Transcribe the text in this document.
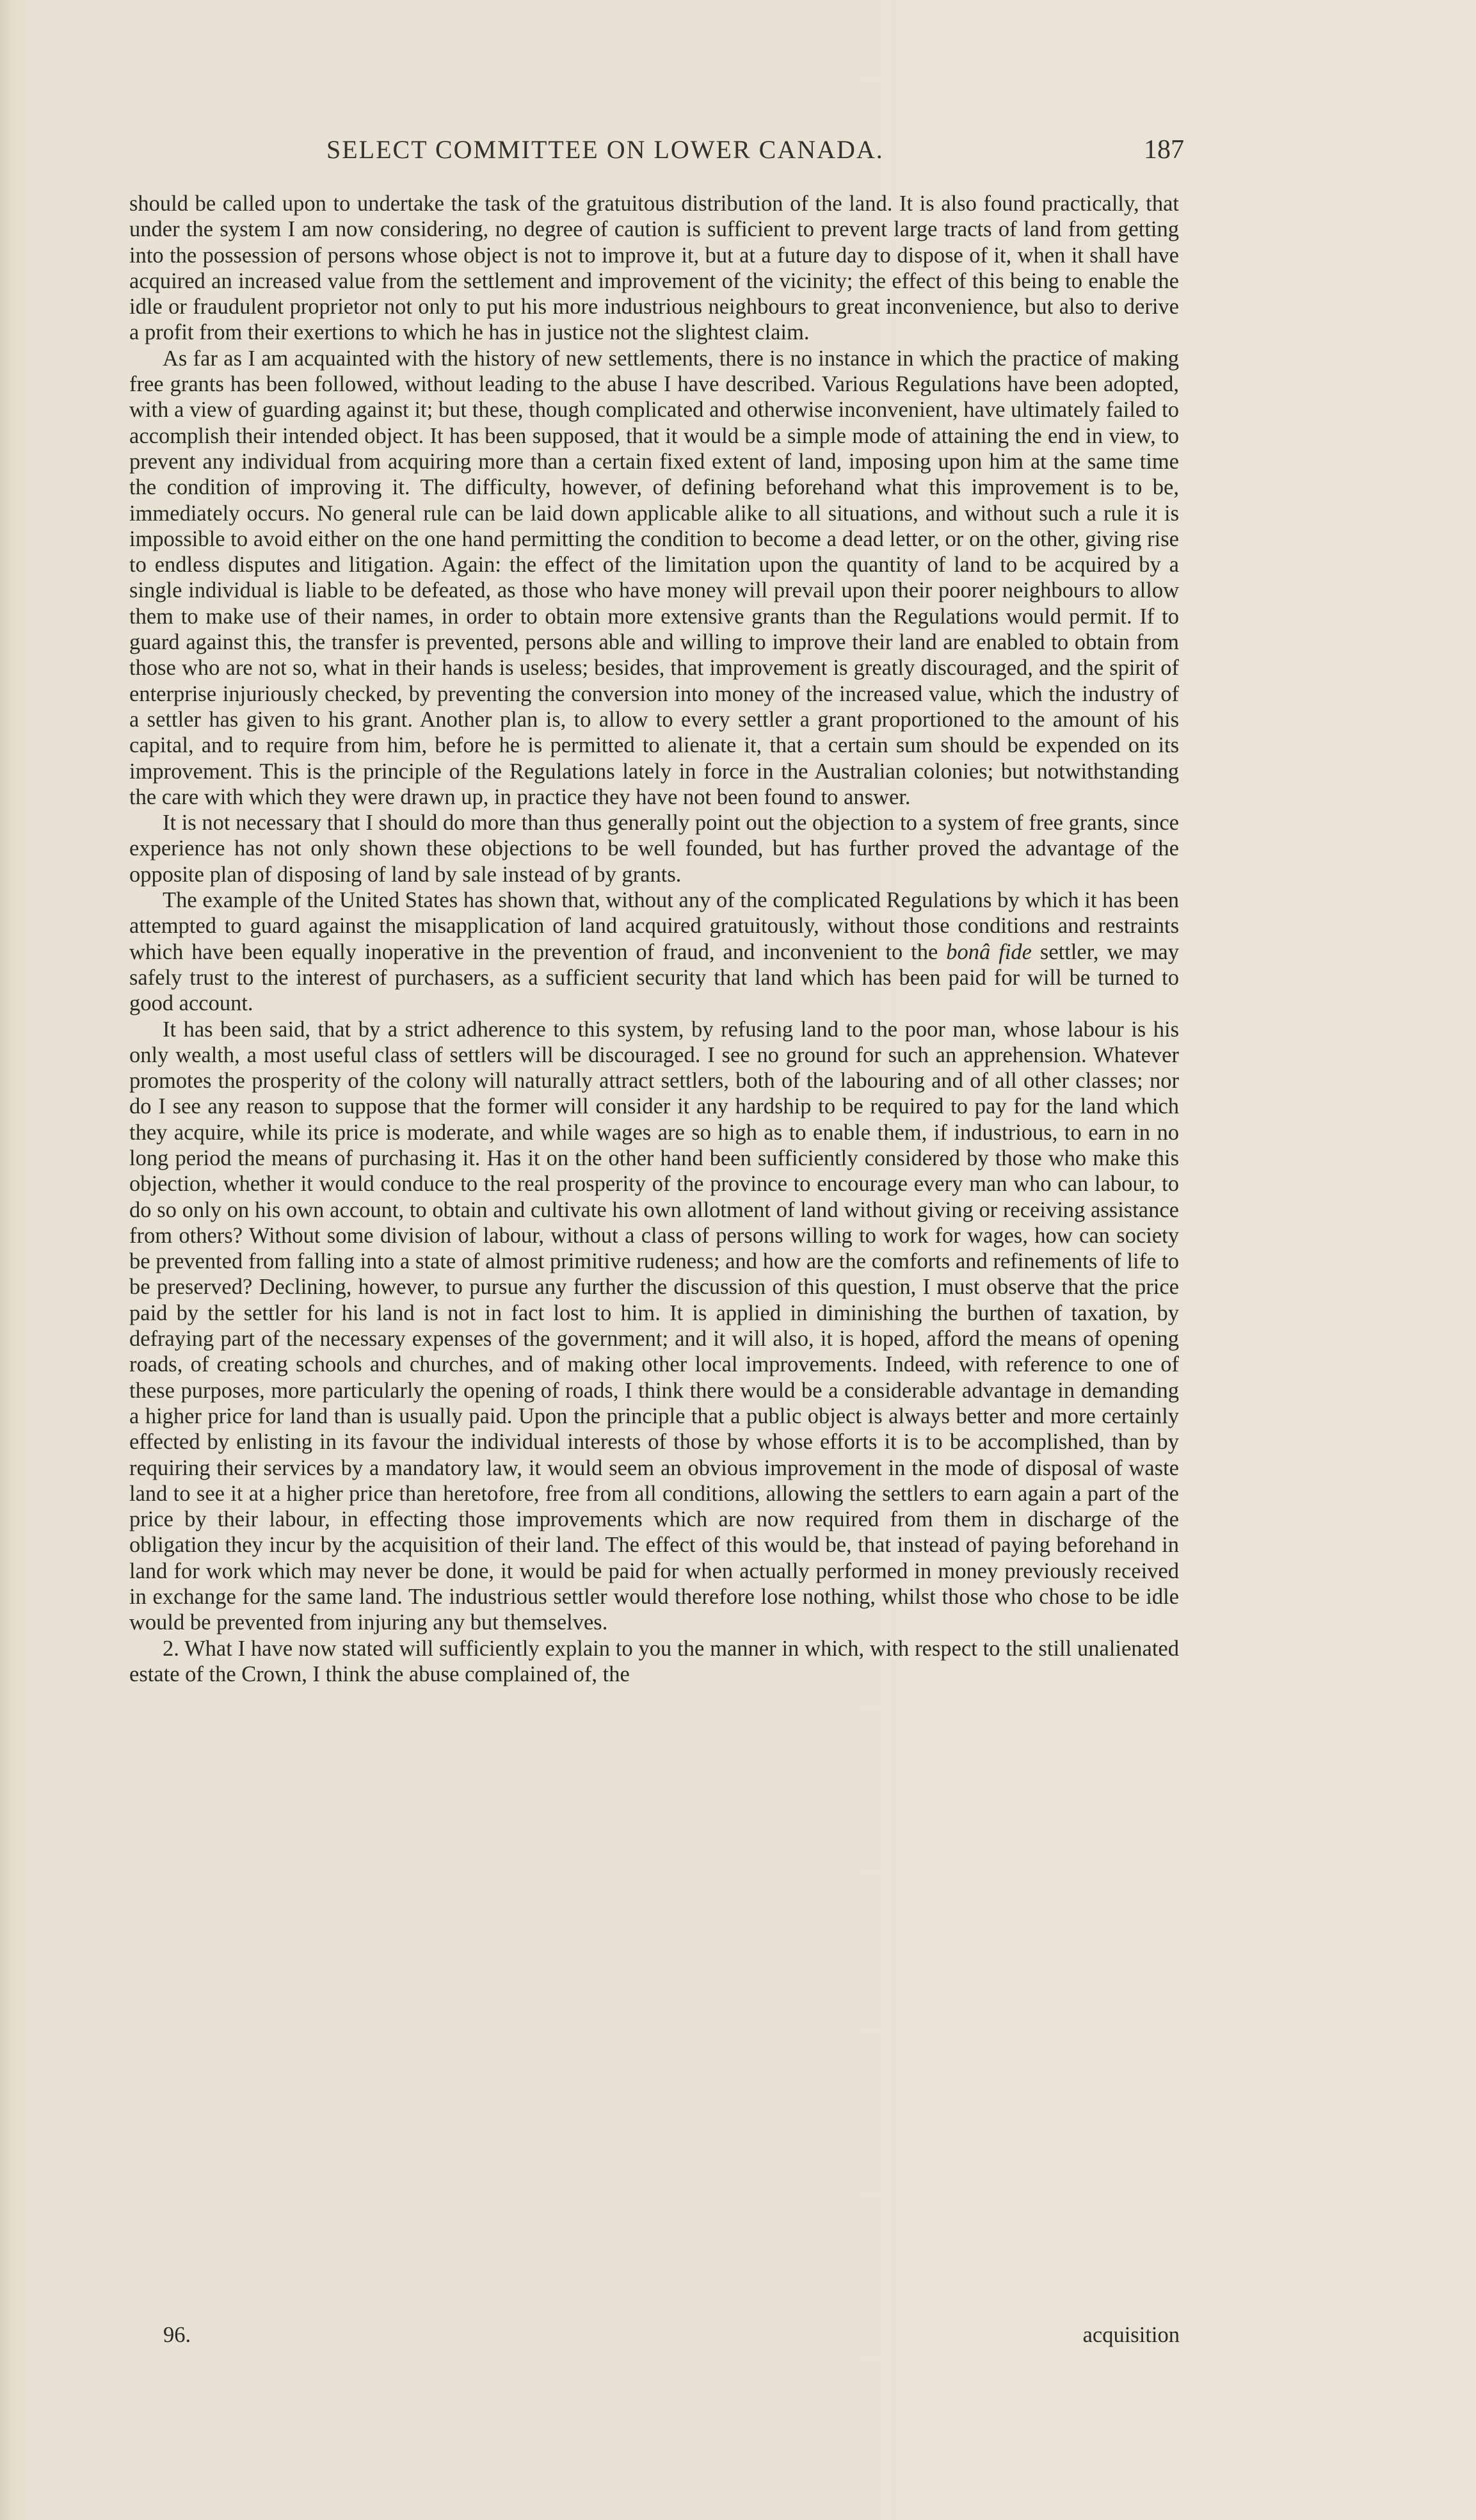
SELECT COMMITTEE ON LOWER CANADA.	187

should be called upon to undertake the task of the gratuitous distribution of the land. It is also found practically, that under the system I am now considering, no degree of caution is sufficient to prevent large tracts of land from getting into the possession of persons whose object is not to improve it, but at a future day to dispose of it, when it shall have acquired an increased value from the settlement and improvement of the vicinity; the effect of this being to enable the idle or fraudulent proprietor not only to put his more industrious neighbours to great inconvenience, but also to derive a profit from their exertions to which he has in justice not the slightest claim.

As far as I am acquainted with the history of new settlements, there is no instance in which the practice of making free grants has been followed, without leading to the abuse I have described. Various Regulations have been adopted, with a view of guarding against it; but these, though complicated and otherwise inconvenient, have ultimately failed to accomplish their intended object. It has been supposed, that it would be a simple mode of attaining the end in view, to prevent any individual from acquiring more than a certain fixed extent of land, imposing upon him at the same time the condition of improving it. The difficulty, however, of defining beforehand what this improvement is to be, immediately occurs. No general rule can be laid down applicable alike to all situations, and without such a rule it is impossible to avoid either on the one hand permitting the condition to become a dead letter, or on the other, giving rise to endless disputes and litigation. Again: the effect of the limitation upon the quantity of land to be acquired by a single individual is liable to be defeated, as those who have money will prevail upon their poorer neighbours to allow them to make use of their names, in order to obtain more extensive grants than the Regulations would permit. If to guard against this, the transfer is prevented, persons able and willing to improve their land are enabled to obtain from those who are not so, what in their hands is useless; besides, that improvement is greatly discouraged, and the spirit of enterprise injuriously checked, by preventing the conversion into money of the increased value, which the industry of a settler has given to his grant. Another plan is, to allow to every settler a grant proportioned to the amount of his capital, and to require from him, before he is permitted to alienate it, that a certain sum should be expended on its improvement. This is the principle of the Regulations lately in force in the Australian colonies; but notwithstanding the care with which they were drawn up, in practice they have not been found to answer.

It is not necessary that I should do more than thus generally point out the objection to a system of free grants, since experience has not only shown these objections to be well founded, but has further proved the advantage of the opposite plan of disposing of land by sale instead of by grants.

The example of the United States has shown that, without any of the complicated Regulations by which it has been attempted to guard against the misapplication of land acquired gratuitously, without those conditions and restraints which have been equally inoperative in the prevention of fraud, and inconvenient to the bonâ fide settler, we may safely trust to the interest of purchasers, as a sufficient security that land which has been paid for will be turned to good account.

It has been said, that by a strict adherence to this system, by refusing land to the poor man, whose labour is his only wealth, a most useful class of settlers will be discouraged. I see no ground for such an apprehension. Whatever promotes the prosperity of the colony will naturally attract settlers, both of the labouring and of all other classes; nor do I see any reason to suppose that the former will consider it any hardship to be required to pay for the land which they acquire, while its price is moderate, and while wages are so high as to enable them, if industrious, to earn in no long period the means of purchasing it. Has it on the other hand been sufficiently considered by those who make this objection, whether it would conduce to the real prosperity of the province to encourage every man who can labour, to do so only on his own account, to obtain and cultivate his own allotment of land without giving or receiving assistance from others? Without some division of labour, without a class of persons willing to work for wages, how can society be prevented from falling into a state of almost primitive rudeness; and how are the comforts and refinements of life to be preserved? Declining, however, to pursue any further the discussion of this question, I must observe that the price paid by the settler for his land is not in fact lost to him. It is applied in diminishing the burthen of taxation, by defraying part of the necessary expenses of the government; and it will also, it is hoped, afford the means of opening roads, of creating schools and churches, and of making other local improvements. Indeed, with reference to one of these purposes, more particularly the opening of roads, I think there would be a considerable advantage in demanding a higher price for land than is usually paid. Upon the principle that a public object is always better and more certainly effected by enlisting in its favour the individual interests of those by whose efforts it is to be accomplished, than by requiring their services by a mandatory law, it would seem an obvious improvement in the mode of disposal of waste land to see it at a higher price than heretofore, free from all conditions, allowing the settlers to earn again a part of the price by their labour, in effecting those improvements which are now required from them in discharge of the obligation they incur by the acquisition of their land. The effect of this would be, that instead of paying beforehand in land for work which may never be done, it would be paid for when actually performed in money previously received in exchange for the same land. The industrious settler would therefore lose nothing, whilst those who chose to be idle would be prevented from injuring any but themselves.

2. What I have now stated will sufficiently explain to you the manner in which, with respect to the still unalienated estate of the Crown, I think the abuse complained of, the

96.	acquisition
